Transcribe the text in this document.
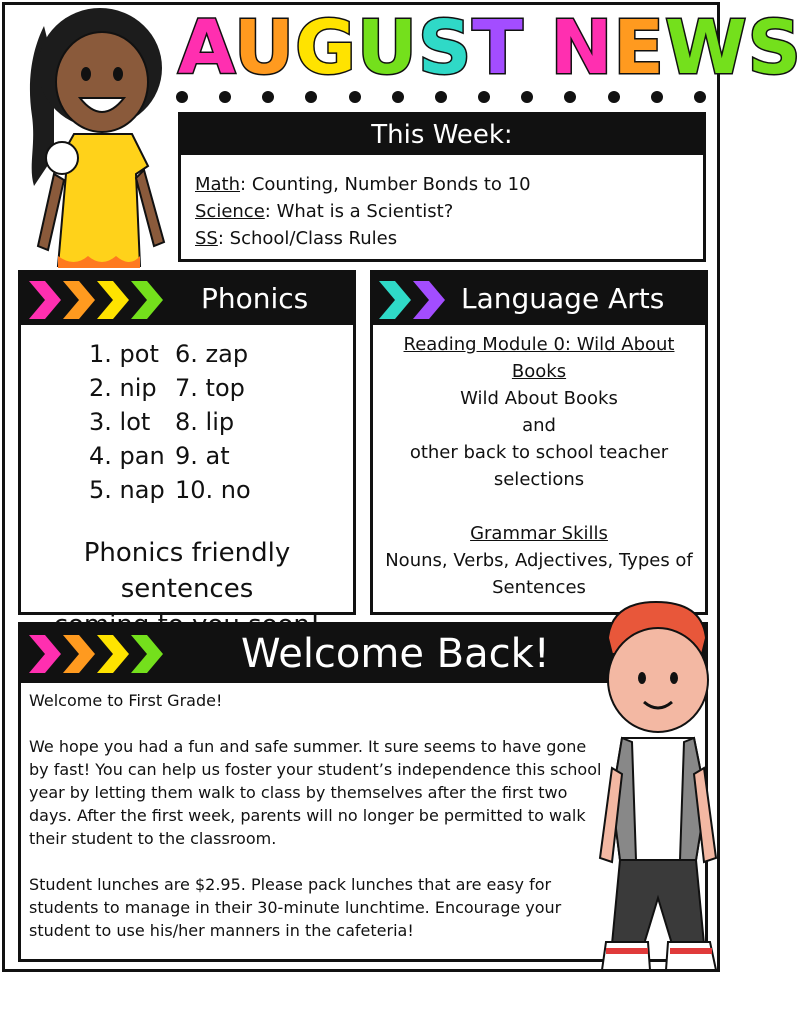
AUGUST NEWS
This Week:
Math: Counting, Number Bonds to 10
Science: What is a Scientist?
SS: School/Class Rules
Phonics
1. pot 6. zap
2. nip 7. top
3. lot	8. lip
4. pan 9. at
5. nap 10. no
Phonics friendly sentences
Language Arts
Reading Module 0: Wild About Books
Wild About Books
and
other back to school teacher selections
Grammar Skills
Nouns, Verbs, Adjectives, Types of Sentences
Welcome Back!

Welcome to First Grade!

We hope you had a fun and safe summer. It sure seems to have gone by fast! You can help us foster your student’s independence this school year by letting them walk to class by themselves after the first two days. After the first week, parents will no longer be permitted to walk their student to the classroom.

Student lunches are $2.95. Please pack lunches that are easy for students to manage in their 30-minute lunchtime. Encourage your student to use his/her manners in the cafeteria!
